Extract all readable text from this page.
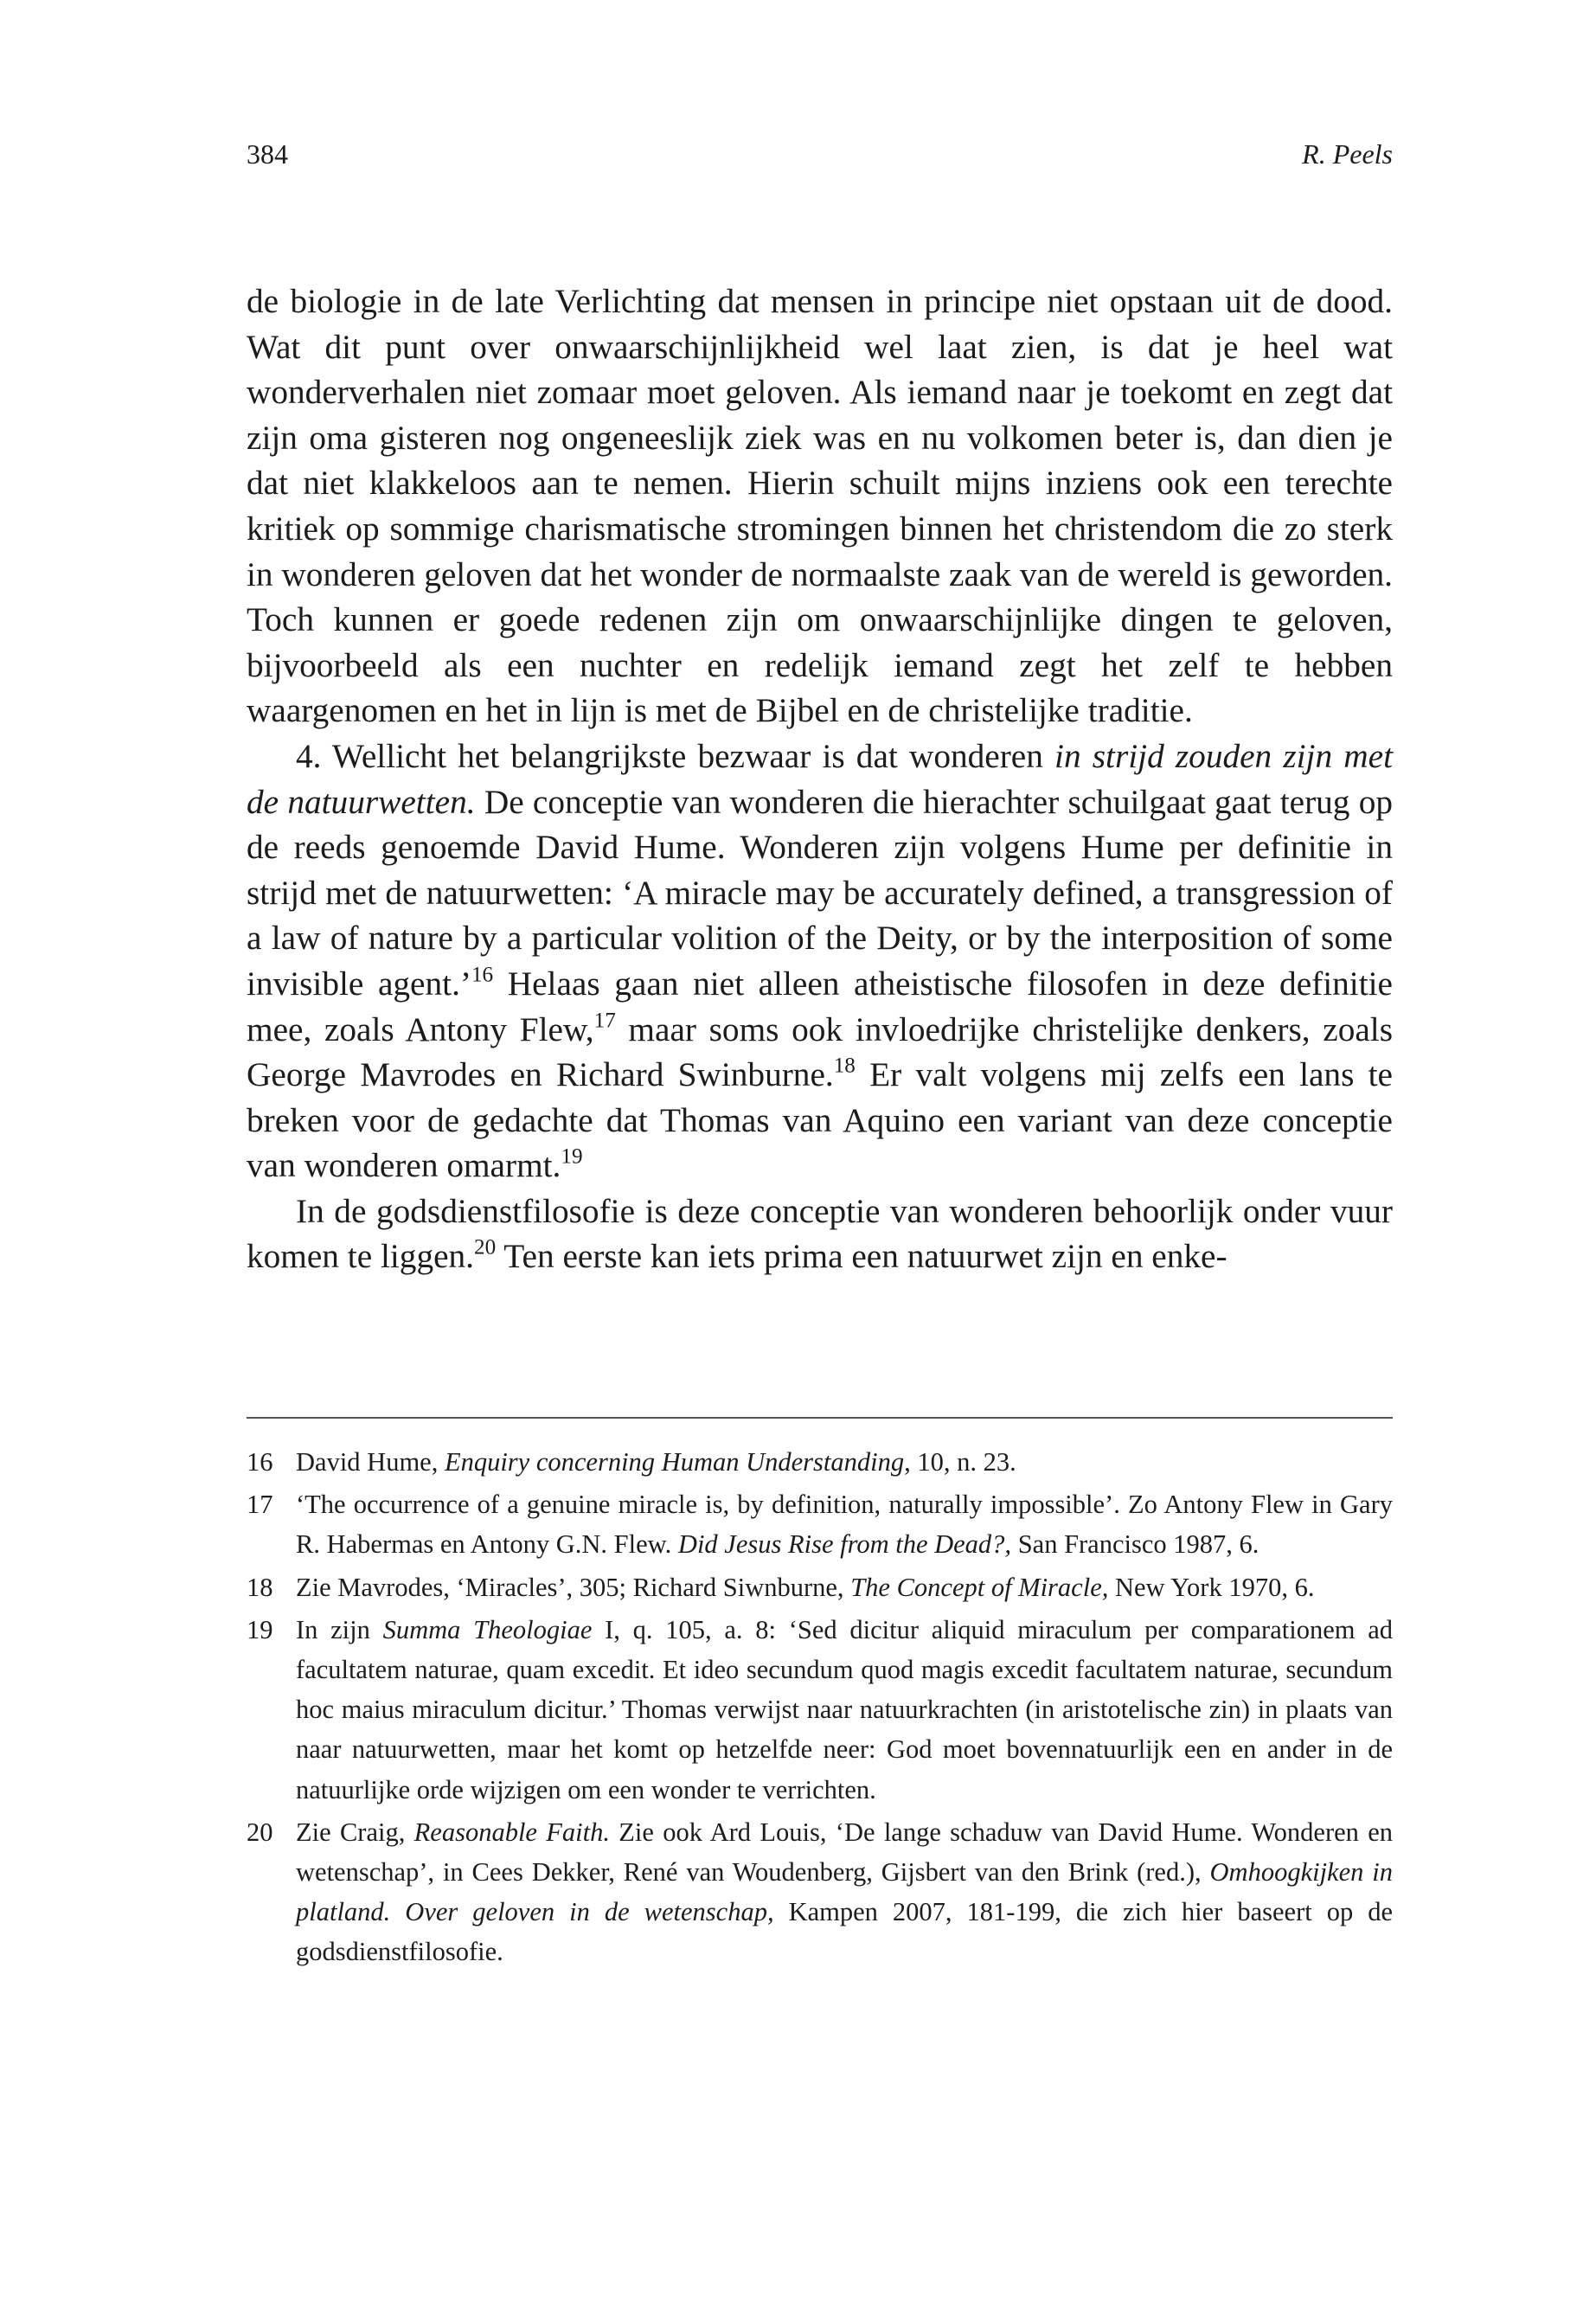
384	R. Peels

de biologie in de late Verlichting dat mensen in principe niet opstaan uit de dood. Wat dit punt over onwaarschijnlijkheid wel laat zien, is dat je heel wat wonderverhalen niet zomaar moet geloven. Als iemand naar je toekomt en zegt dat zijn oma gisteren nog ongeneeslijk ziek was en nu volkomen beter is, dan dien je dat niet klakkeloos aan te nemen. Hierin schuilt mijns inziens ook een terechte kritiek op sommige charismatische stromingen binnen het christendom die zo sterk in wonderen geloven dat het wonder de normaalste zaak van de wereld is geworden. Toch kunnen er goede redenen zijn om onwaarschijnlijke dingen te geloven, bijvoorbeeld als een nuchter en redelijk iemand zegt het zelf te hebben waargenomen en het in lijn is met de Bijbel en de christelijke traditie.

4. Wellicht het belangrijkste bezwaar is dat wonderen in strijd zouden zijn met de natuurwetten. De conceptie van wonderen die hierachter schuilgaat gaat terug op de reeds genoemde David Hume. Wonderen zijn volgens Hume per definitie in strijd met de natuurwetten: ‘A miracle may be accurately defined, a transgression of a law of nature by a particular volition of the Deity, or by the interposition of some invisible agent.’$^{16}$ Helaas gaan niet alleen atheistische filosofen in deze definitie mee, zoals Antony Flew,$^{17}$ maar soms ook invloedrijke christelijke denkers, zoals George Mavrodes en Richard Swinburne.$^{18}$ Er valt volgens mij zelfs een lans te breken voor de gedachte dat Thomas van Aquino een variant van deze conceptie van wonderen omarmt.$^{19}$

In de godsdienstfilosofie is deze conceptie van wonderen behoorlijk onder vuur komen te liggen.$^{20}$ Ten eerste kan iets prima een natuurwet zijn en enke-

16 David Hume, Enquiry concerning Human Understanding, 10, n. 23.
17 ‘The occurrence of a genuine miracle is, by definition, naturally impossible’. Zo Antony Flew in Gary R. Habermas en Antony G.N. Flew. Did Jesus Rise from the Dead?, San Francisco 1987, 6.
18 Zie Mavrodes, ‘Miracles’, 305; Richard Siwnburne, The Concept of Miracle, New York 1970, 6.
19 In zijn Summa Theologiae I, q. 105, a. 8: ‘Sed dicitur aliquid miraculum per comparationem ad facultatem naturae, quam excedit. Et ideo secundum quod magis excedit facultatem naturae, secundum hoc maius miraculum dicitur.’ Thomas verwijst naar natuurkrachten (in aristotelische zin) in plaats van naar natuurwetten, maar het komt op hetzelfde neer: God moet bovennatuurlijk een en ander in de natuurlijke orde wijzigen om een wonder te verrichten.
20 Zie Craig, Reasonable Faith. Zie ook Ard Louis, ‘De lange schaduw van David Hume. Wonderen en wetenschap’, in Cees Dekker, René van Woudenberg, Gijsbert van den Brink (red.), Omhoogkijken in platland. Over geloven in de wetenschap, Kampen 2007, 181-199, die zich hier baseert op de godsdienstfilosofie.
